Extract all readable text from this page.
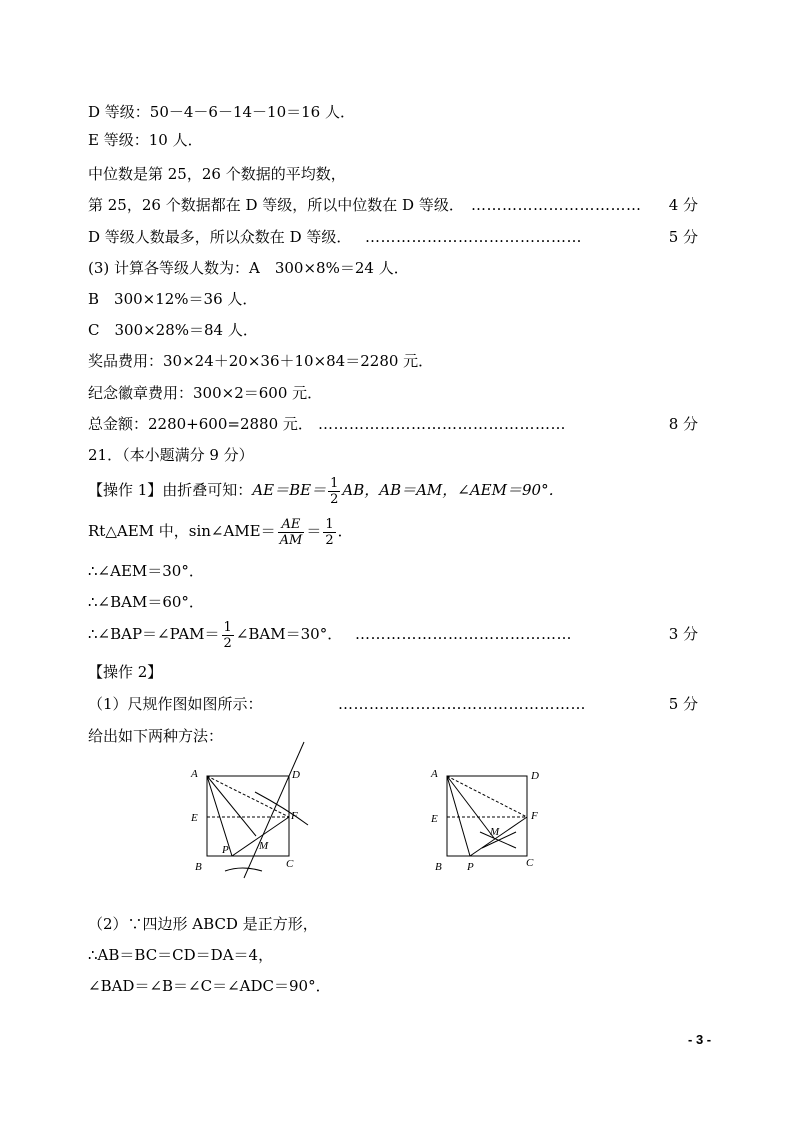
D 等级：50－4－6－14－10＝16 人．
E 等级：10 人．
中位数是第 25，26 个数据的平均数，
第 25，26 个数据都在 D 等级，所以中位数在 D 等级． …………………………… 4 分
D 等级人数最多，所以众数在 D 等级． ……………………………………	5 分
(3) 计算各等级人数为：A　300×8%＝24 人．
B　300×12%＝36 人．
C　300×28%＝84 人．
奖品费用：30×24＋20×36＋10×84＝2280 元．
纪念徽章费用：300×2＝600 元．
总金额：2280+600=2880 元． …………………………………………	8 分
21．（本小题满分 9 分）
【操作 1】由折叠可知：$AE=BE= \frac{1}{2}$ AB，AB＝AM，∠AEM＝90°．
Rt△AEM 中，sin∠AME＝ $\frac{AE}{AM} = \frac{1}{2}$ ．
∴∠AEM＝30°．
∴∠BAM＝60°．
∴∠BAP＝∠PAM＝ $\frac{1}{2}$ ∠BAM＝30°． ……………………………………	3 分
【操作 2】
（1）尺规作图如图所示：	…………………………………………	5 分
给出如下两种方法：
A	D
E	F
M
P
B	C
A	D
E	F
M
P
B	C
（2）∵四边形 ABCD 是正方形，
∴AB＝BC＝CD＝DA＝4，
∠BAD＝∠B＝∠C＝∠ADC＝90°．
- 3 -
